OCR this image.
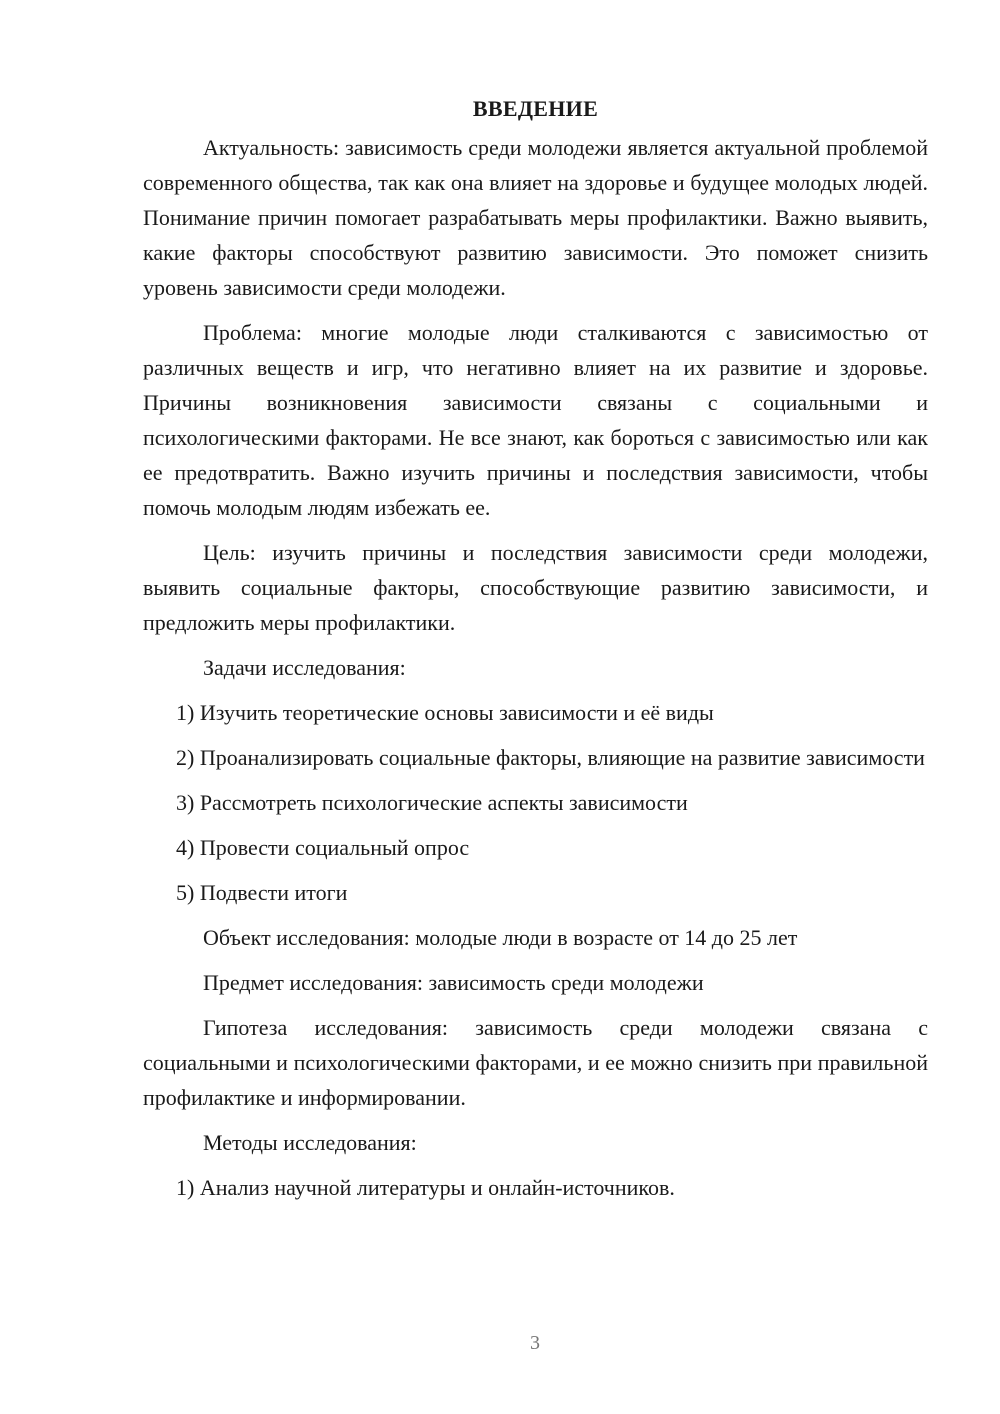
ВВЕДЕНИЕ

Актуальность: зависимость среди молодежи является актуальной проблемой современного общества, так как она влияет на здоровье и будущее молодых людей. Понимание причин помогает разрабатывать меры профилактики. Важно выявить, какие факторы способствуют развитию зависимости. Это поможет снизить уровень зависимости среди молодежи.

Проблема: многие молодые люди сталкиваются с зависимостью от различных веществ и игр, что негативно влияет на их развитие и здоровье. Причины возникновения зависимости связаны с социальными и психологическими факторами. Не все знают, как бороться с зависимостью или как ее предотвратить. Важно изучить причины и последствия зависимости, чтобы помочь молодым людям избежать ее.

Цель: изучить причины и последствия зависимости среди молодежи, выявить социальные факторы, способствующие развитию зависимости, и предложить меры профилактики.

Задачи исследования:

1) Изучить теоретические основы зависимости и её виды

2) Проанализировать социальные факторы, влияющие на развитие зависимости

3) Рассмотреть психологические аспекты зависимости

4) Провести социальный опрос

5) Подвести итоги

Объект исследования: молодые люди в возрасте от 14 до 25 лет

Предмет исследования: зависимость среди молодежи

Гипотеза исследования: зависимость среди молодежи связана с социальными и психологическими факторами, и ее можно снизить при правильной профилактике и информировании.

Методы исследования:

1) Анализ научной литературы и онлайн-источников.

3
